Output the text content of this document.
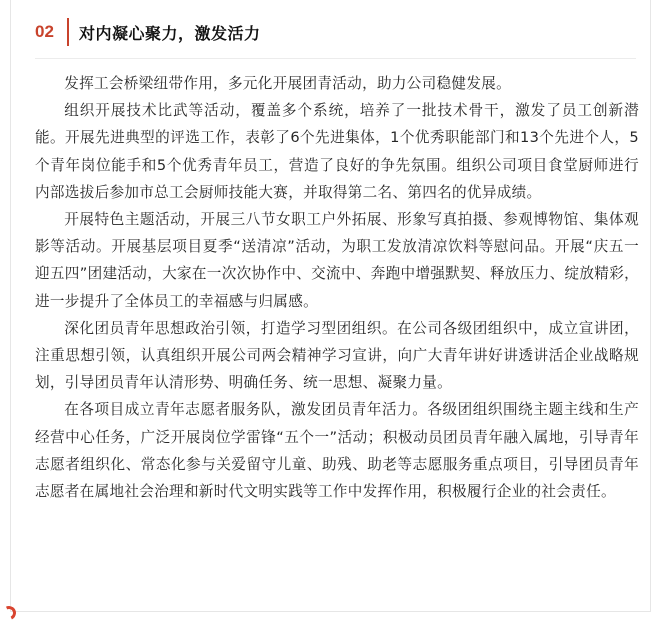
02	对内凝心聚力，激发活力

发挥工会桥梁纽带作用，多元化开展团青活动，助力公司稳健发展。

组织开展技术比武等活动，覆盖多个系统，培养了一批技术骨干，激发了员工创新潜能。开展先进典型的评选工作，表彰了6个先进集体，1个优秀职能部门和13个先进个人，5个青年岗位能手和5个优秀青年员工，营造了良好的争先氛围。组织公司项目食堂厨师进行内部选拔后参加市总工会厨师技能大赛，并取得第二名、第四名的优异成绩。

开展特色主题活动，开展三八节女职工户外拓展、形象写真拍摄、参观博物馆、集体观影等活动。开展基层项目夏季“送清凉”活动，为职工发放清凉饮料等慰问品。开展“庆五一迎五四”团建活动，大家在一次次协作中、交流中、奔跑中增强默契、释放压力、绽放精彩，进一步提升了全体员工的幸福感与归属感。

深化团员青年思想政治引领，打造学习型团组织。在公司各级团组织中，成立宣讲团，注重思想引领，认真组织开展公司两会精神学习宣讲，向广大青年讲好讲透讲活企业战略规划，引导团员青年认清形势、明确任务、统一思想、凝聚力量。

在各项目成立青年志愿者服务队，激发团员青年活力。各级团组织围绕主题主线和生产经营中心任务，广泛开展岗位学雷锋“五个一”活动；积极动员团员青年融入属地，引导青年志愿者组织化、常态化参与关爱留守儿童、助残、助老等志愿服务重点项目，引导团员青年志愿者在属地社会治理和新时代文明实践等工作中发挥作用，积极履行企业的社会责任。
